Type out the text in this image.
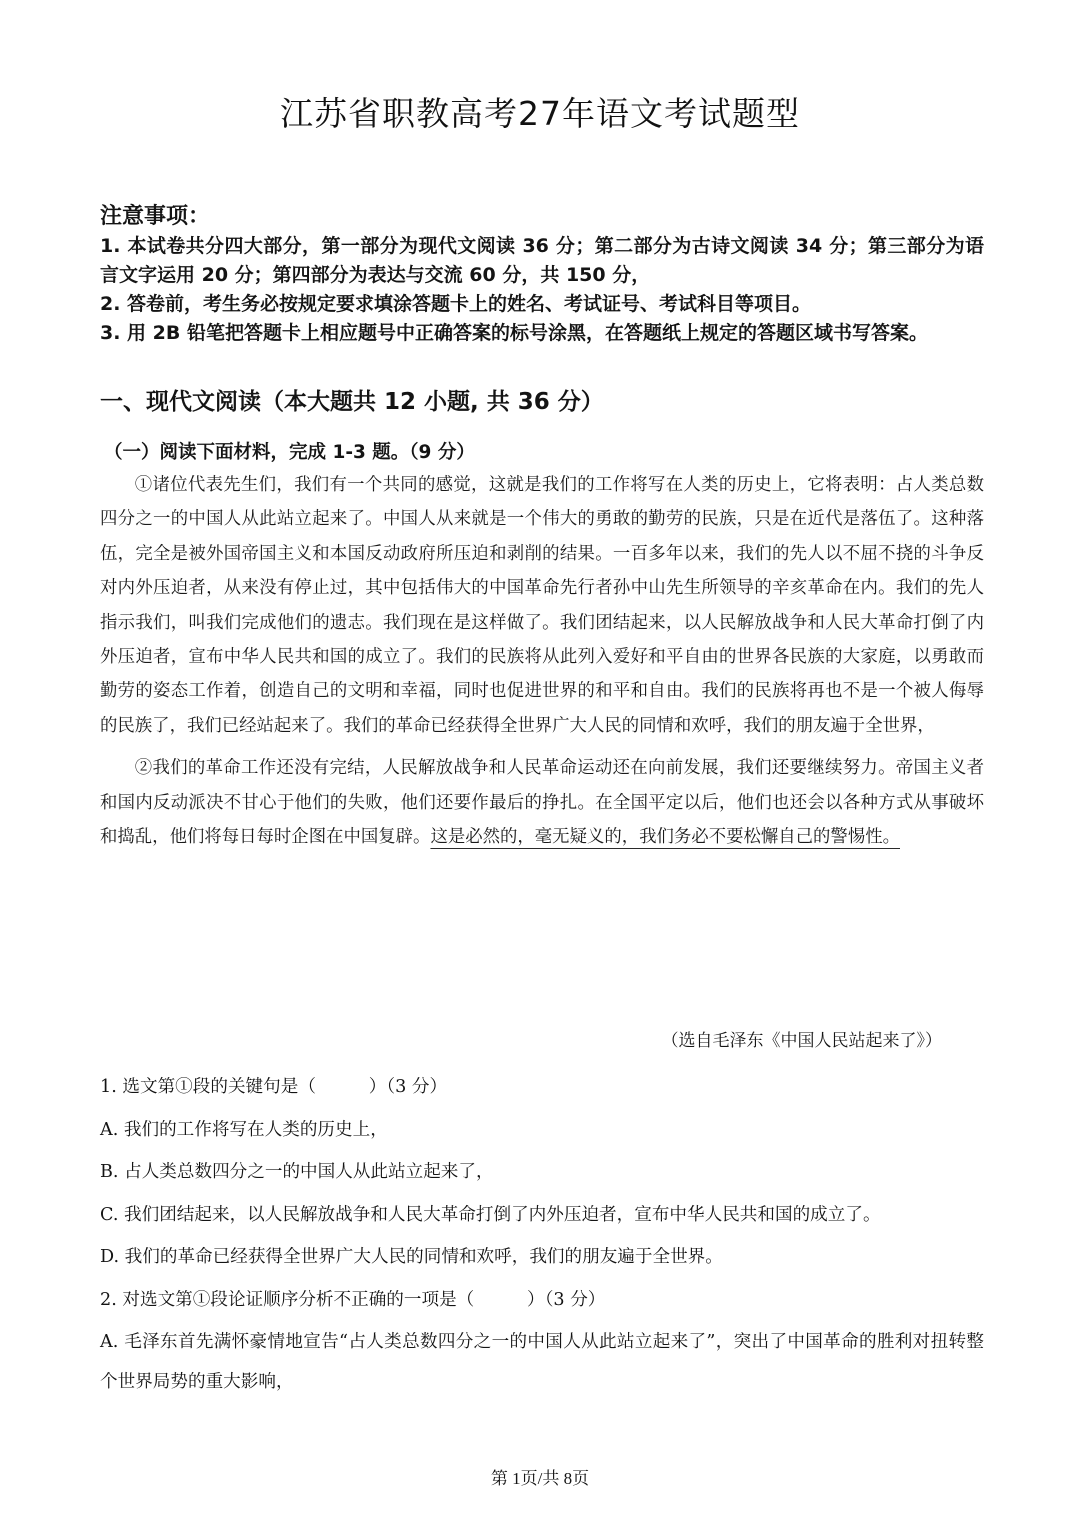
江苏省职教高考27年语文考试题型
注意事项：

1. 本试卷共分四大部分，第一部分为现代文阅读 36 分；第二部分为古诗文阅读 34 分；第三部分为语言文字运用 20 分；第四部分为表达与交流 60 分，共 150 分，

2. 答卷前，考生务必按规定要求填涂答题卡上的姓名、考试证号、考试科目等项目。

3. 用 2B 铅笔把答题卡上相应题号中正确答案的标号涂黑，在答题纸上规定的答题区域书写答案。

一、现代文阅读（本大题共 12 小题, 共 36 分）
（一）阅读下面材料，完成 1-3 题。（9 分）

①诸位代表先生们，我们有一个共同的感觉，这就是我们的工作将写在人类的历史上，它将表明：占人类总数四分之一的中国人从此站立起来了。中国人从来就是一个伟大的勇敢的勤劳的民族，只是在近代是落伍了。这种落伍，完全是被外国帝国主义和本国反动政府所压迫和剥削的结果。一百多年以来，我们的先人以不屈不挠的斗争反对内外压迫者，从来没有停止过，其中包括伟大的中国革命先行者孙中山先生所领导的辛亥革命在内。我们的先人指示我们，叫我们完成他们的遗志。我们现在是这样做了。我们团结起来，以人民解放战争和人民大革命打倒了内外压迫者，宣布中华人民共和国的成立了。我们的民族将从此列入爱好和平自由的世界各民族的大家庭，以勇敢而勤劳的姿态工作着，创造自己的文明和幸福，同时也促进世界的和平和自由。我们的民族将再也不是一个被人侮辱的民族了，我们已经站起来了。我们的革命已经获得全世界广大人民的同情和欢呼，我们的朋友遍于全世界，

②我们的革命工作还没有完结，人民解放战争和人民革命运动还在向前发展，我们还要继续努力。帝国主义者和国内反动派决不甘心于他们的失败，他们还要作最后的挣扎。在全国平定以后，他们也还会以各种方式从事破坏和捣乱，他们将每日每时企图在中国复辟。这是必然的，毫无疑义的，我们务必不要松懈自己的警惕性。

（选自毛泽东《中国人民站起来了》）
1. 选文第①段的关键句是（　　　）（3 分）
A. 我们的工作将写在人类的历史上，
B. 占人类总数四分之一的中国人从此站立起来了，
C. 我们团结起来，以人民解放战争和人民大革命打倒了内外压迫者，宣布中华人民共和国的成立了。
D. 我们的革命已经获得全世界广大人民的同情和欢呼，我们的朋友遍于全世界。
2. 对选文第①段论证顺序分析不正确的一项是（　　　）（3 分）
A. 毛泽东首先满怀豪情地宣告“占人类总数四分之一的中国人从此站立起来了”，突出了中国革命的胜利对扭转整个世界局势的重大影响，
第 1页/共 8页
